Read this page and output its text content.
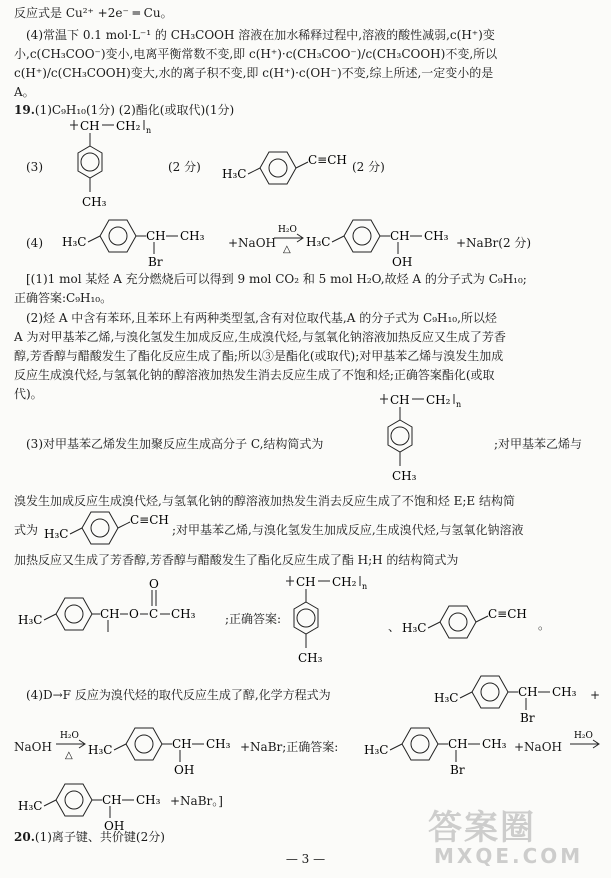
反应式是 Cu²⁺ +2e⁻ ═ Cu。
(4)常温下 0.1 mol·L⁻¹ 的 CH₃COOH 溶液在加水稀释过程中,溶液的酸性减弱,c(H⁺)变
小,c(CH₃COO⁻)变小,电离平衡常数不变,即 c(H⁺)·c(CH₃COO⁻)/c(CH₃COOH)不变,所以
c(H⁺)/c(CH₃COOH)变大,水的离子积不变,即 c(H⁺)·c(OH⁻)不变,综上所述,一定变小的是
A。
19.(1)C₉H₁₀(1分) (2)酯化(或取代)(1分)
(3)
CH CH₂ n
CH₃
(2 分)	H₃C
C≡CH (2 分)
(4)	H₃C	CH CH₃
Br
+NaOH
H₂O
△
H₃C	CH CH₃
OH
+NaBr(2 分)
[(1)1 mol 某烃 A 充分燃烧后可以得到 9 mol CO₂ 和 5 mol H₂O,故烃 A 的分子式为 C₉H₁₀;
正确答案:C₉H₁₀。
(2)烃 A 中含有苯环,且苯环上有两种类型氢,含有对位取代基,A 的分子式为 C₉H₁₀,所以烃
A 为对甲基苯乙烯,与溴化氢发生加成反应,生成溴代烃,与氢氧化钠溶液加热反应又生成了芳香
醇,芳香醇与醋酸发生了酯化反应生成了酯;所以③是酯化(或取代);对甲基苯乙烯与溴发生加成
反应生成溴代烃,与氢氧化钠的醇溶液加热发生消去反应生成了不饱和烃;正确答案酯化(或取
代)。
(3)对甲基苯乙烯发生加聚反应生成高分子 C,结构简式为
CH CH₂ n
CH₃
;对甲基苯乙烯与
溴发生加成反应生成溴代烃,与氢氧化钠的醇溶液加热发生消去反应生成了不饱和烃 E;E 结构简
式为 H₃C
C≡CH
;对甲基苯乙烯,与溴化氢发生加成反应,生成溴代烃,与氢氧化钠溶液
加热反应又生成了芳香醇,芳香醇与醋酸发生了酯化反应生成了酯 H;H 的结构简式为
H₃C	CH O C
O
CH₃ ;正确答案:
CH CH₂ n
CH₃
、 H₃C
C≡CH
。
(4)D→F 反应为溴代烃的取代反应生成了醇,化学方程式为	H₃C	CH CH₃
Br
+
NaOH
H₂O
△ H₃C	CH CH₃
OH
+NaBr;正确答案:	H₃C	CH CH₃
Br
+NaOH
H₂O
H₃C	CH CH₃
OH
+NaBr。]
20.(1)离子键、共价键(2分)
— 3 —
答案圈
MXQE.COM
